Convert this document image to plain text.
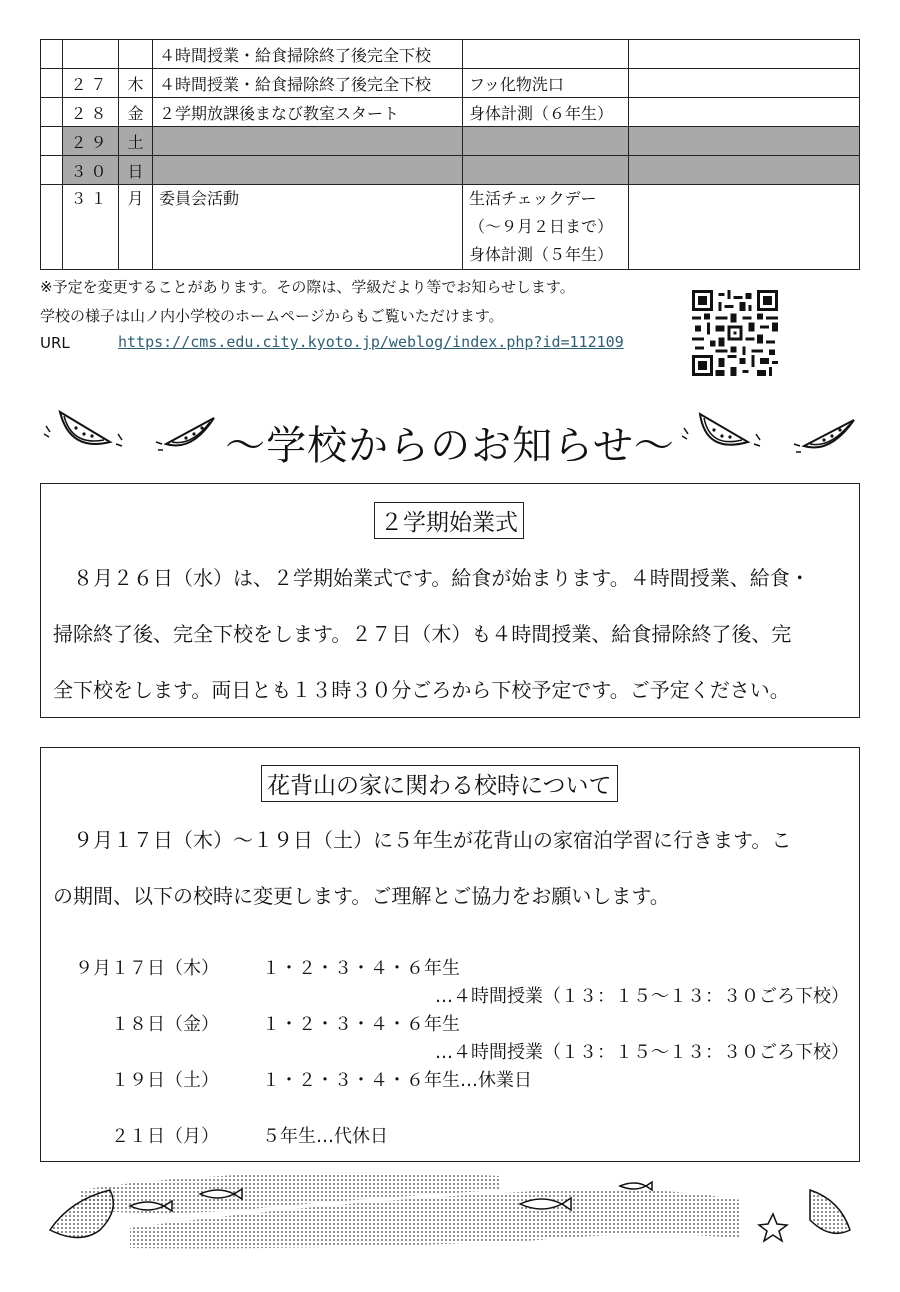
			４時間授業・給食掃除終了後完全下校		
	２７	木	４時間授業・給食掃除終了後完全下校	フッ化物洗口	
	２８	金	２学期放課後まなび教室スタート	身体計測（６年生）	
	２９	土			
	３０	日			
	３１	月	委員会活動	生活チェックデー
（～９月２日まで）
身体計測（５年生）	

※予定を変更することがあります。その際は、学級だより等でお知らせします。
学校の様子は山ノ内小学校のホームページからもご覧いただけます。
URL	https://cms.edu.city.kyoto.jp/weblog/index.php?id=112109
～学校からのお知らせ～
２学期始業式
８月２６日（水）は、２学期始業式です。給食が始まります。４時間授業、給食・
掃除終了後、完全下校をします。２７日（木）も４時間授業、給食掃除終了後、完
全下校をします。両日とも１３時３０分ごろから下校予定です。ご予定ください。
花背山の家に関わる校時について
９月１７日（木）～１９日（土）に５年生が花背山の家宿泊学習に行きます。こ
の期間、以下の校時に変更します。ご理解とご協力をお願いします。
９月１７日（木） １・２・３・４・６年生
…４時間授業（１３：１５～１３：３０ごろ下校）
１８日（金） １・２・３・４・６年生
…４時間授業（１３：１５～１３：３０ごろ下校）
１９日（土） １・２・３・４・６年生…休業日
２１日（月） ５年生…代休日
